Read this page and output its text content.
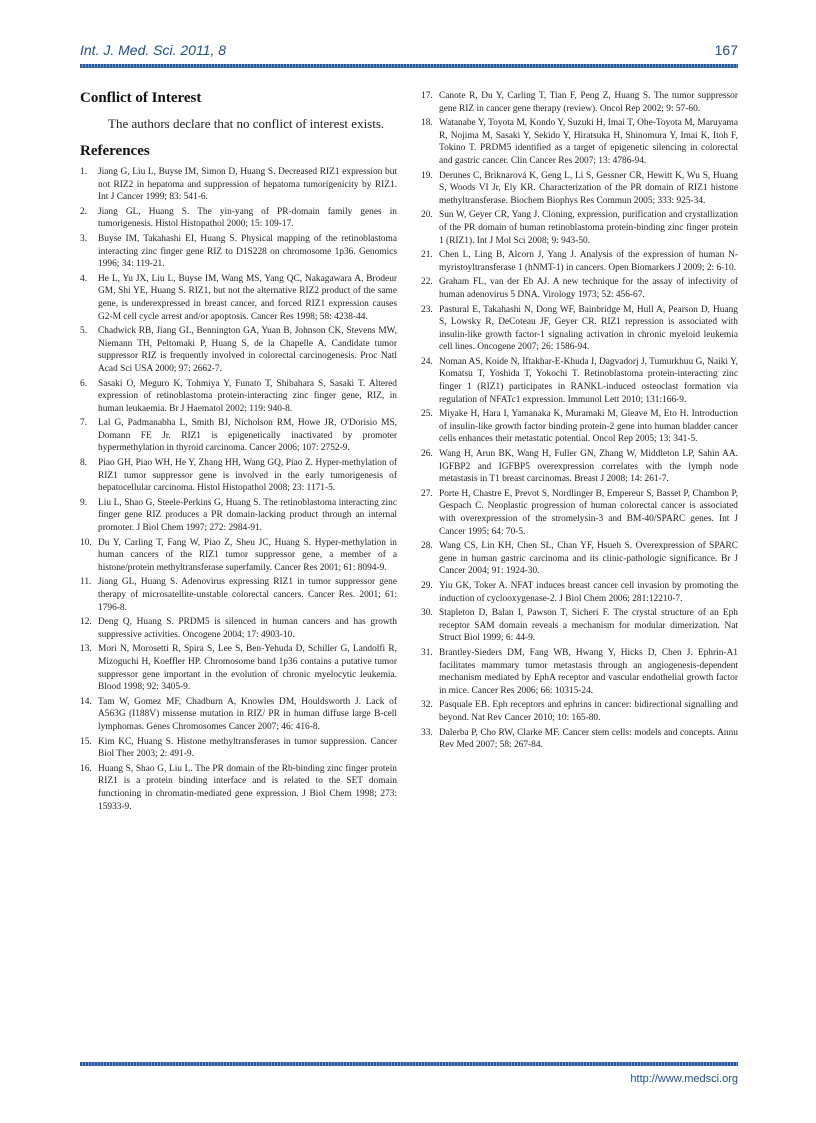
Int. J. Med. Sci. 2011, 8	167
Conflict of Interest

The authors declare that no conflict of interest exists.

References
1. Jiang G, Liu L, Buyse IM, Simon D, Huang S. Decreased RIZ1 expression but not RIZ2 in hepatoma and suppression of hepatoma tumorigenicity by RIZ1. Int J Cancer 1999; 83: 541-6.
2. Jiang GL, Huang S. The yin-yang of PR-domain family genes in tumorigenesis. Histol Histopathol 2000; 15: 109-17.
3. Buyse IM, Takahashi EI, Huang S. Physical mapping of the retinoblastoma interacting zinc finger gene RIZ to D1S228 on chromosome 1p36. Genomics 1996; 34: 119-21.
4. He L, Yu JX, Liu L, Buyse IM, Wang MS, Yang QC, Nakagawara A, Brodeur GM, Shi YE, Huang S. RIZ1, but not the alternative RIZ2 product of the same gene, is underexpressed in breast cancer, and forced RIZ1 expression causes G2-M cell cycle arrest and/or apoptosis. Cancer Res 1998; 58: 4238-44.
5. Chadwick RB, Jiang GL, Bennington GA, Yuan B, Johnson CK, Stevens MW, Niemann TH, Peltomaki P, Huang S, de la Chapelle A. Candidate tumor suppressor RIZ is frequently involved in colorectal carcinogenesis. Proc Natl Acad Sci USA 2000; 97: 2662-7.
6. Sasaki O, Meguro K, Tohmiya Y, Funato T, Shibahara S, Sasaki T. Altered expression of retinoblastoma protein-interacting zinc finger gene, RIZ, in human leukaemia. Br J Haematol 2002; 119: 940-8.
7. Lal G, Padmanabha L, Smith BJ, Nicholson RM, Howe JR, O'Dorisio MS, Domann FE Jr. RIZ1 is epigenetically inactivated by promoter hypermethylation in thyroid carcinoma. Cancer 2006; 107: 2752-9.
8. Piao GH, Piao WH, He Y, Zhang HH, Wang GQ, Piao Z. Hyper-methylation of RIZ1 tumor suppressor gene is involved in the early tumorigenesis of hepatocellular carcinoma. Histol Histopathol 2008; 23: 1171-5.
9. Liu L, Shao G, Steele-Perkins G, Huang S. The retinoblastoma interacting zinc finger gene RIZ produces a PR domain-lacking product through an internal promoter. J Biol Chem 1997; 272: 2984-91.
10. Du Y, Carling T, Fang W, Piao Z, Sheu JC, Huang S. Hyper-methylation in human cancers of the RIZ1 tumor suppressor gene, a member of a histone/protein methyltransferase superfamily. Cancer Res 2001; 61: 8094-9.
11. Jiang GL, Huang S. Adenovirus expressing RIZ1 in tumor suppressor gene therapy of microsatellite-unstable colorectal cancers. Cancer Res. 2001; 61: 1796-8.
12. Deng Q, Huang S. PRDM5 is silenced in human cancers and has growth suppressive activities. Oncogene 2004; 17: 4903-10.
13. Mori N, Morosetti R, Spira S, Lee S, Ben-Yehuda D, Schiller G, Landolfi R, Mizoguchi H, Koeffler HP. Chromosome band 1p36 contains a putative tumor suppressor gene important in the evolution of chronic myelocytic leukemia. Blood 1998; 92: 3405-9.
14. Tam W, Gomez MF, Chadburn A, Knowles DM, Houldsworth J. Lack of A563G (I188V) missense mutation in RIZ/ PR in human diffuse large B-cell lymphomas. Genes Chromosomes Cancer 2007; 46: 416-8.
15. Kim KC, Huang S. Histone methyltransferases in tumor suppression. Cancer Biol Ther 2003; 2: 491-9.
16. Huang S, Shao G, Liu L. The PR domain of the Rb-binding zinc finger protein RIZ1 is a protein binding interface and is related to the SET domain functioning in chromatin-mediated gene expression. J Biol Chem 1998; 273: 15933-9.
17. Canote R, Du Y, Carling T, Tian F, Peng Z, Huang S. The tumor suppressor gene RIZ in cancer gene therapy (review). Oncol Rep 2002; 9: 57-60.
18. Watanabe Y, Toyota M, Kondo Y, Suzuki H, Imai T, Ohe-Toyota M, Maruyama R, Nojima M, Sasaki Y, Sekido Y, Hiratsuka H, Shinomura Y, Imai K, Itoh F, Tokino T. PRDM5 identified as a target of epigenetic silencing in colorectal and gastric cancer. Clin Cancer Res 2007; 13: 4786-94.
19. Derunes C, Briknarová K, Geng L, Li S, Gessner CR, Hewitt K, Wu S, Huang S, Woods VI Jr, Ely KR. Characterization of the PR domain of RIZ1 histone methyltransferase. Biochem Biophys Res Commun 2005; 333: 925-34.
20. Sun W, Geyer CR, Yang J. Cloning, expression, purification and crystallization of the PR domain of human retinoblastoma protein-binding zinc finger protein 1 (RIZ1). Int J Mol Sci 2008; 9: 943-50.
21. Chen L, Ling B, Alcorn J, Yang J. Analysis of the expression of human N-myristoyltransferase 1 (hNMT-1) in cancers. Open Biomarkers J 2009; 2: 6-10.
22. Graham FL, van der Eb AJ. A new technique for the assay of infectivity of human adenovirus 5 DNA. Virology 1973; 52: 456-67.
23. Pastural E, Takahashi N, Dong WF, Bainbridge M, Hull A, Pearson D, Huang S, Lowsky R, DeCoteau JF, Geyer CR. RIZ1 repression is associated with insulin-like growth factor-1 signaling activation in chronic myeloid leukemia cell lines. Oncogene 2007; 26: 1586-94.
24. Noman AS, Koide N, Iftakhar-E-Khuda I, Dagvadorj J, Tumurkhuu G, Naiki Y, Komatsu T, Yoshida T, Yokochi T. Retinoblastoma protein-interacting zinc finger 1 (RIZ1) participates in RANKL-induced osteoclast formation via regulation of NFATc1 expression. Immunol Lett 2010; 131:166-9.
25. Miyake H, Hara I, Yamanaka K, Muramaki M, Gleave M, Eto H. Introduction of insulin-like growth factor binding protein-2 gene into human bladder cancer cells enhances their metastatic potential. Oncol Rep 2005; 13: 341-5.
26. Wang H, Arun BK, Wang H, Fuller GN, Zhang W, Middleton LP, Sahin AA. IGFBP2 and IGFBP5 overexpression correlates with the lymph node metastasis in T1 breast carcinomas. Breast J 2008; 14: 261-7.
27. Porte H, Chastre E, Prevot S, Nordlinger B, Empereur S, Basset P, Chambon P, Gespach C. Neoplastic progression of human colorectal cancer is associated with overexpression of the stromelysin-3 and BM-40/SPARC genes. Int J Cancer 1995; 64: 70-5.
28. Wang CS, Lin KH, Chen SL, Chan YF, Hsueh S. Overexpression of SPARC gene in human gastric carcinoma and its clinic-pathologic significance. Br J Cancer 2004; 91: 1924-30.
29. Yiu GK, Toker A. NFAT induces breast cancer cell invasion by promoting the induction of cyclooxygenase-2. J Biol Chem 2006; 281:12210-7.
30. Stapleton D, Balan I, Pawson T, Sicheri F. The crystal structure of an Eph receptor SAM domain reveals a mechanism for modular dimerization. Nat Struct Biol 1999; 6: 44-9.
31. Brantley-Sieders DM, Fang WB, Hwang Y, Hicks D, Chen J. Ephrin-A1 facilitates mammary tumor metastasis through an angiogenesis-dependent mechanism mediated by EphA receptor and vascular endothelial growth factor in mice. Cancer Res 2006; 66: 10315-24.
32. Pasquale EB. Eph receptors and ephrins in cancer: bidirectional signalling and beyond. Nat Rev Cancer 2010; 10: 165-80.
33. Dalerba P, Cho RW, Clarke MF. Cancer stem cells: models and concepts. Annu Rev Med 2007; 58: 267-84.
http://www.medsci.org
